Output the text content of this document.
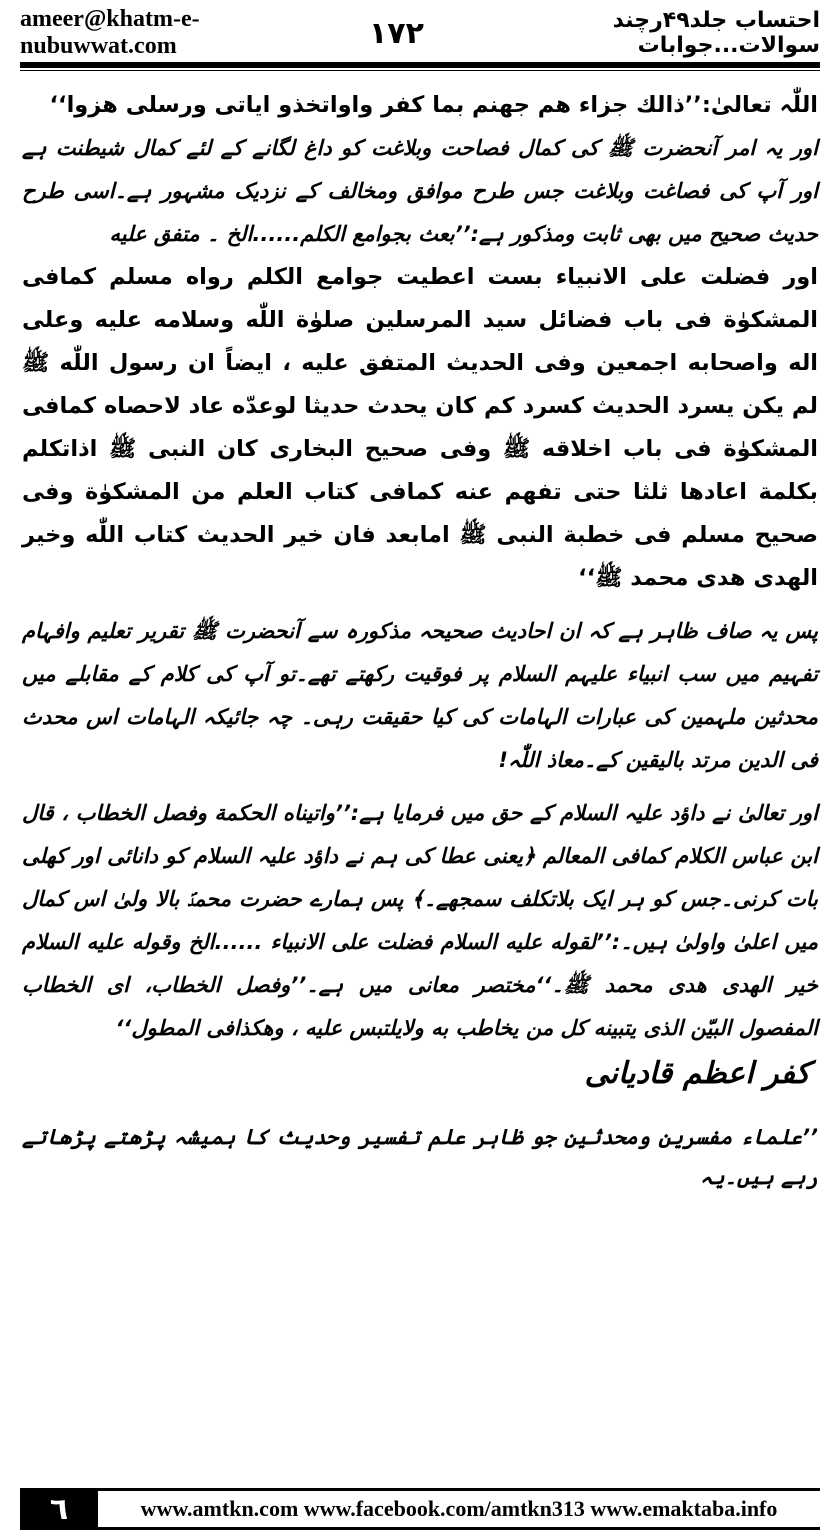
ameer@khatm-e-nubuwwat.com	۱۷۲	احتساب جلد۴۹رچند سوالات...جوابات

اللّٰہ تعالیٰ:’’ذالك جزاء هم جهنم بما كفر واواتخذو اياتى ورسلى هزوا‘‘

اور یہ امر آنحضرت ﷺ کی کمال فصاحت وبلاغت کو داغ لگانے کے لئے کمال شیطنت ہے اور آپ کی فصاغت وبلاغت جس طرح موافق ومخالف کے نزدیک مشہور ہے۔اسی طرح حدیث صحیح میں بھی ثابت ومذکور ہے:’’بعث بجوامع الكلم......الخ ۔ متفق عليه

اور فضلت على الانبياء بست اعطيت جوامع الكلم رواه مسلم كمافى المشكوٰة فى باب فضائل سيد المرسلين صلوٰة اللّٰه وسلامه عليه وعلى اله واصحابه اجمعين وفى الحديث المتفق عليه ، ايضاً ان رسول اللّٰه ﷺ لم يكن يسرد الحديث كسرد كم كان يحدث حديثا لوعدّه عاد لاحصاه كمافى المشكوٰة فى باب اخلاقه ﷺ وفى صحيح البخارى كان النبى ﷺ اذاتكلم بكلمة اعادها ثلثا حتى تفهم عنه كمافى كتاب العلم من المشكوٰة وفى صحيح مسلم فى خطبة النبى ﷺ امابعد فان خير الحديث كتاب اللّٰه وخير الهدى هدى محمد ﷺ‘‘

پس یہ صاف ظاہر ہے کہ ان احادیث صحیحہ مذکورہ سے آنحضرت ﷺ تقریر تعلیم وافہام تفہیم میں سب انبیاء علیہم السلام پر فوقیت رکھتے تھے۔تو آپ کی کلام کے مقابلے میں محدثین ملہمین کی عبارات الہامات کی کیا حقیقت رہی۔ چہ جائیکہ الہامات اس محدث فی الدین مرتد بالیقین کے۔معاذ اللّٰہ!

اور تعالیٰ نے داؤد علیہ السلام کے حق میں فرمایا ہے:’’واتيناه الحكمة وفصل الخطاب ، قال ابن عباس الكلام كمافى المعالم ﴿یعنی عطا کی ہم نے داؤد علیہ السلام کو دانائی اور کھلی بات کرنی۔جس کو ہر ایک بلاتکلف سمجھے۔﴾ پس ہمارے حضرت محمدؐ بالا ولیٰ اس کمال میں اعلیٰ واولیٰ ہیں۔:’’لقوله عليه السلام فضلت على الانبياء ......الخ وقوله عليه السلام خير الهدى هدى محمد ﷺ۔‘‘مختصر معانی میں ہے۔’’وفصل الخطاب، اى الخطاب المفصول البيّن الذى يتبينه كل من يخاطب به ولايلتبس عليه ، وهكذافى المطول‘‘

کفر اعظم قادیانی

’’علماء مفسرین ومحدثین جو ظاہر علم تفسیر وحدیث کا ہمیشہ پڑھتے پڑھاتے رہے ہیں۔یہ

٦	www.amtkn.com www.facebook.com/amtkn313 www.emaktaba.info
